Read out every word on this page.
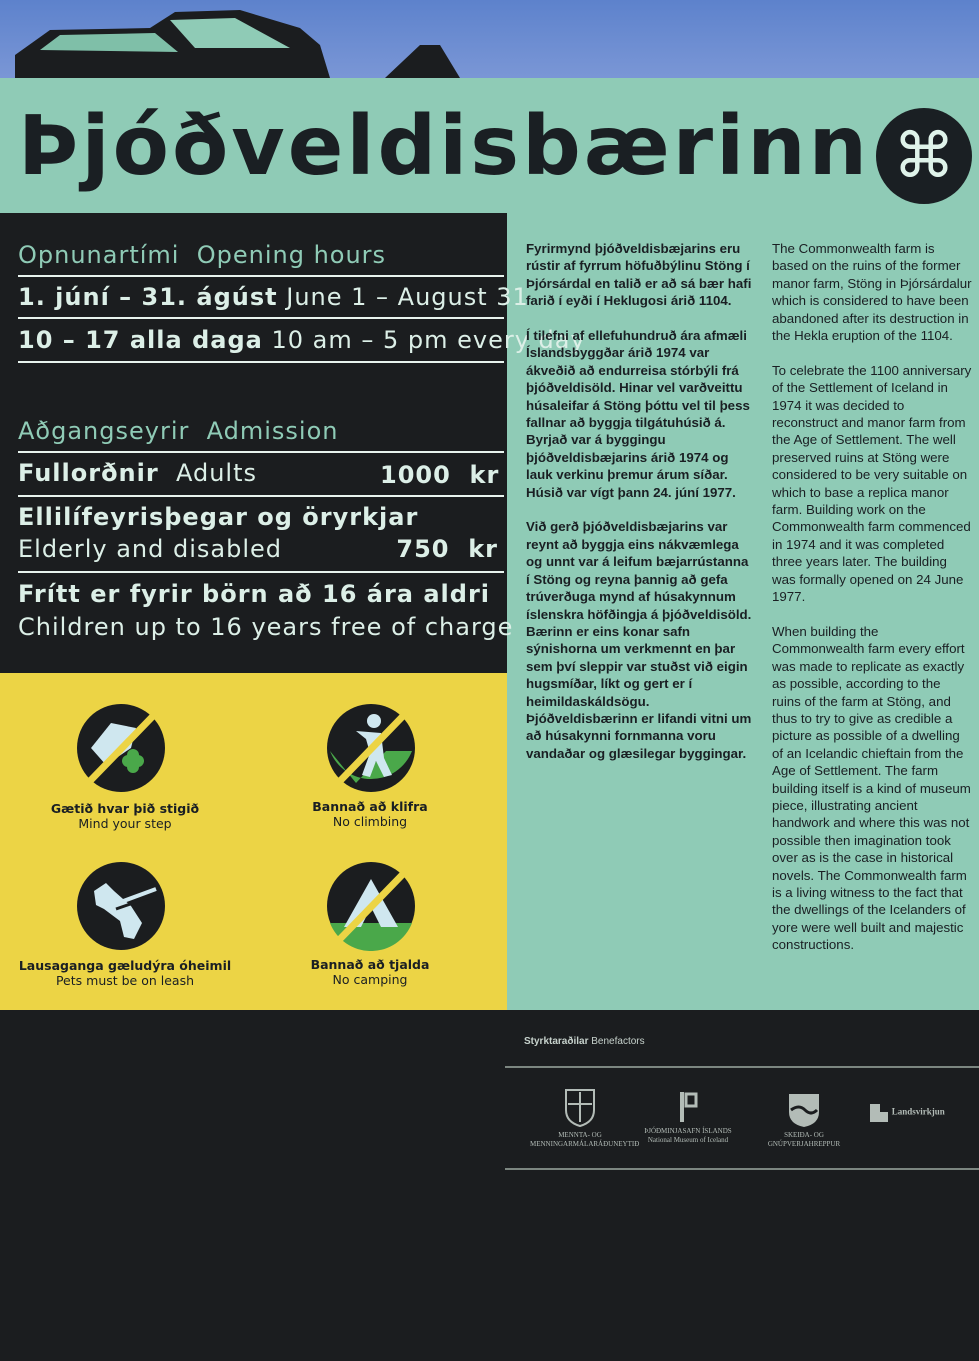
Þjóðveldisbærinn ⌘
Opnunartími Opening hours
1. júní – 31. ágúst June 1 – August 31
10 – 17 alla daga 10 am – 5 pm every day
Aðgangseyrir Admission
Fullorðnir Adults	1000  kr
Ellilífeyrisþegar og öryrkjar
Elderly and disabled	750  kr
Frítt er fyrir börn að 16 ára aldri
Children up to 16 years free of charge
Gætið hvar þið stigið
Mind your step
Bannað að klifra
No climbing
Lausaganga gæludýra óheimil
Pets must be on leash
Bannað að tjalda
No camping

Fyrirmynd þjóðveldisbæjarins eru rústir af fyrrum höfuðbýlinu Stöng í Þjórsárdal en talið er að sá bær hafi farið í eyði í Heklugosi árið 1104.

Í tilefni af ellefuhundruð ára afmæli Íslandsbyggðar árið 1974 var ákveðið að endurreisa stórbýli frá þjóðveldisöld. Hinar vel varðveittu húsaleifar á Stöng þóttu vel til þess fallnar að byggja tilgátuhúsið á. Byrjað var á byggingu þjóðveldisbæjarins árið 1974 og lauk verkinu þremur árum síðar. Húsið var vígt þann 24. júní 1977.

Við gerð þjóðveldisbæjarins var reynt að byggja eins nákvæmlega og unnt var á leifum bæjarrústanna í Stöng og reyna þannig að gefa trúverðuga mynd af húsakynnum íslenskra höfðingja á þjóðveldisöld. Bærinn er eins konar safn sýnishorna um verkmennt en þar sem því sleppir var stuðst við eigin hugsmíðar, líkt og gert er í heimildaskáldsögu. Þjóðveldisbærinn er lifandi vitni um að húsakynni fornmanna voru vandaðar og glæsilegar byggingar.

The Commonwealth farm is based on the ruins of the former manor farm, Stöng in Þjórsárdalur which is considered to have been abandoned after its destruction in the Hekla eruption of the 1104.

To celebrate the 1100 anniversary of the Settlement of Iceland in 1974 it was decided to reconstruct and manor farm from the Age of Settlement. The well preserved ruins at Stöng were considered to be very suitable on which to base a replica manor farm. Building work on the Commonwealth farm commenced in 1974 and it was completed three years later. The building was formally opened on 24 June 1977.

When building the Commonwealth farm every effort was made to replicate as exactly as possible, according to the ruins of the farm at Stöng, and thus to try to give as credible a picture as possible of a dwelling of an Icelandic chieftain from the Age of Settlement. The farm building itself is a kind of museum piece, illustrating ancient handwork and where this was not possible then imagination took over as is the case in historical novels. The Commonwealth farm is a living witness to the fact that the dwellings of the Icelanders of yore were well built and majestic constructions.

Styrktaraðilar Benefactors
MENNTA- OG
MENNINGARMÁLARÁÐUNEYTIÐ
ÞJÓÐMINJASAFN ÍSLANDS
National Museum of Iceland
SKEIÐA- OG GNÚPVERJAHREPPUR
Landsvirkjun
